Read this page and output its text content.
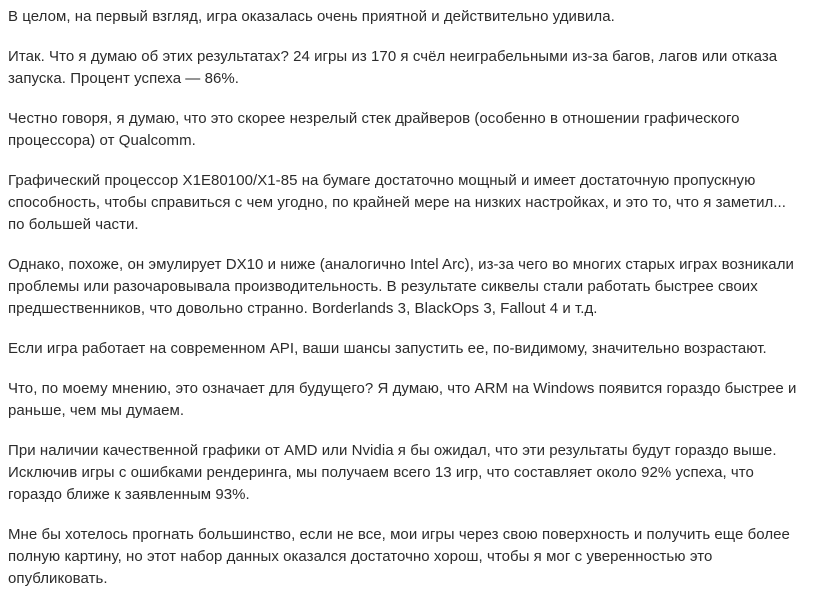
В целом, на первый взгляд, игра оказалась очень приятной и действительно удивила.

Итак. Что я думаю об этих результатах? 24 игры из 170 я счёл неиграбельными из-за багов, лагов или отказа запуска. Процент успеха — 86%.

Честно говоря, я думаю, что это скорее незрелый стек драйверов (особенно в отношении графического процессора) от Qualcomm.

Графический процессор X1E80100/X1-85 на бумаге достаточно мощный и имеет достаточную пропускную способность, чтобы справиться с чем угодно, по крайней мере на низких настройках, и это то, что я заметил... по большей части.

Однако, похоже, он эмулирует DX10 и ниже (аналогично Intel Arc), из-за чего во многих старых играх возникали проблемы или разочаровывала производительность. В результате сиквелы стали работать быстрее своих предшественников, что довольно странно. Borderlands 3, BlackOps 3, Fallout 4 и т.д.

Если игра работает на современном API, ваши шансы запустить ее, по-видимому, значительно возрастают.

Что, по моему мнению, это означает для будущего? Я думаю, что ARM на Windows появится гораздо быстрее и раньше, чем мы думаем.

При наличии качественной графики от AMD или Nvidia я бы ожидал, что эти результаты будут гораздо выше. Исключив игры с ошибками рендеринга, мы получаем всего 13 игр, что составляет около 92% успеха, что гораздо ближе к заявленным 93%.

Мне бы хотелось прогнать большинство, если не все, мои игры через свою поверхность и получить еще более полную картину, но этот набор данных оказался достаточно хорош, чтобы я мог с уверенностью это опубликовать.
